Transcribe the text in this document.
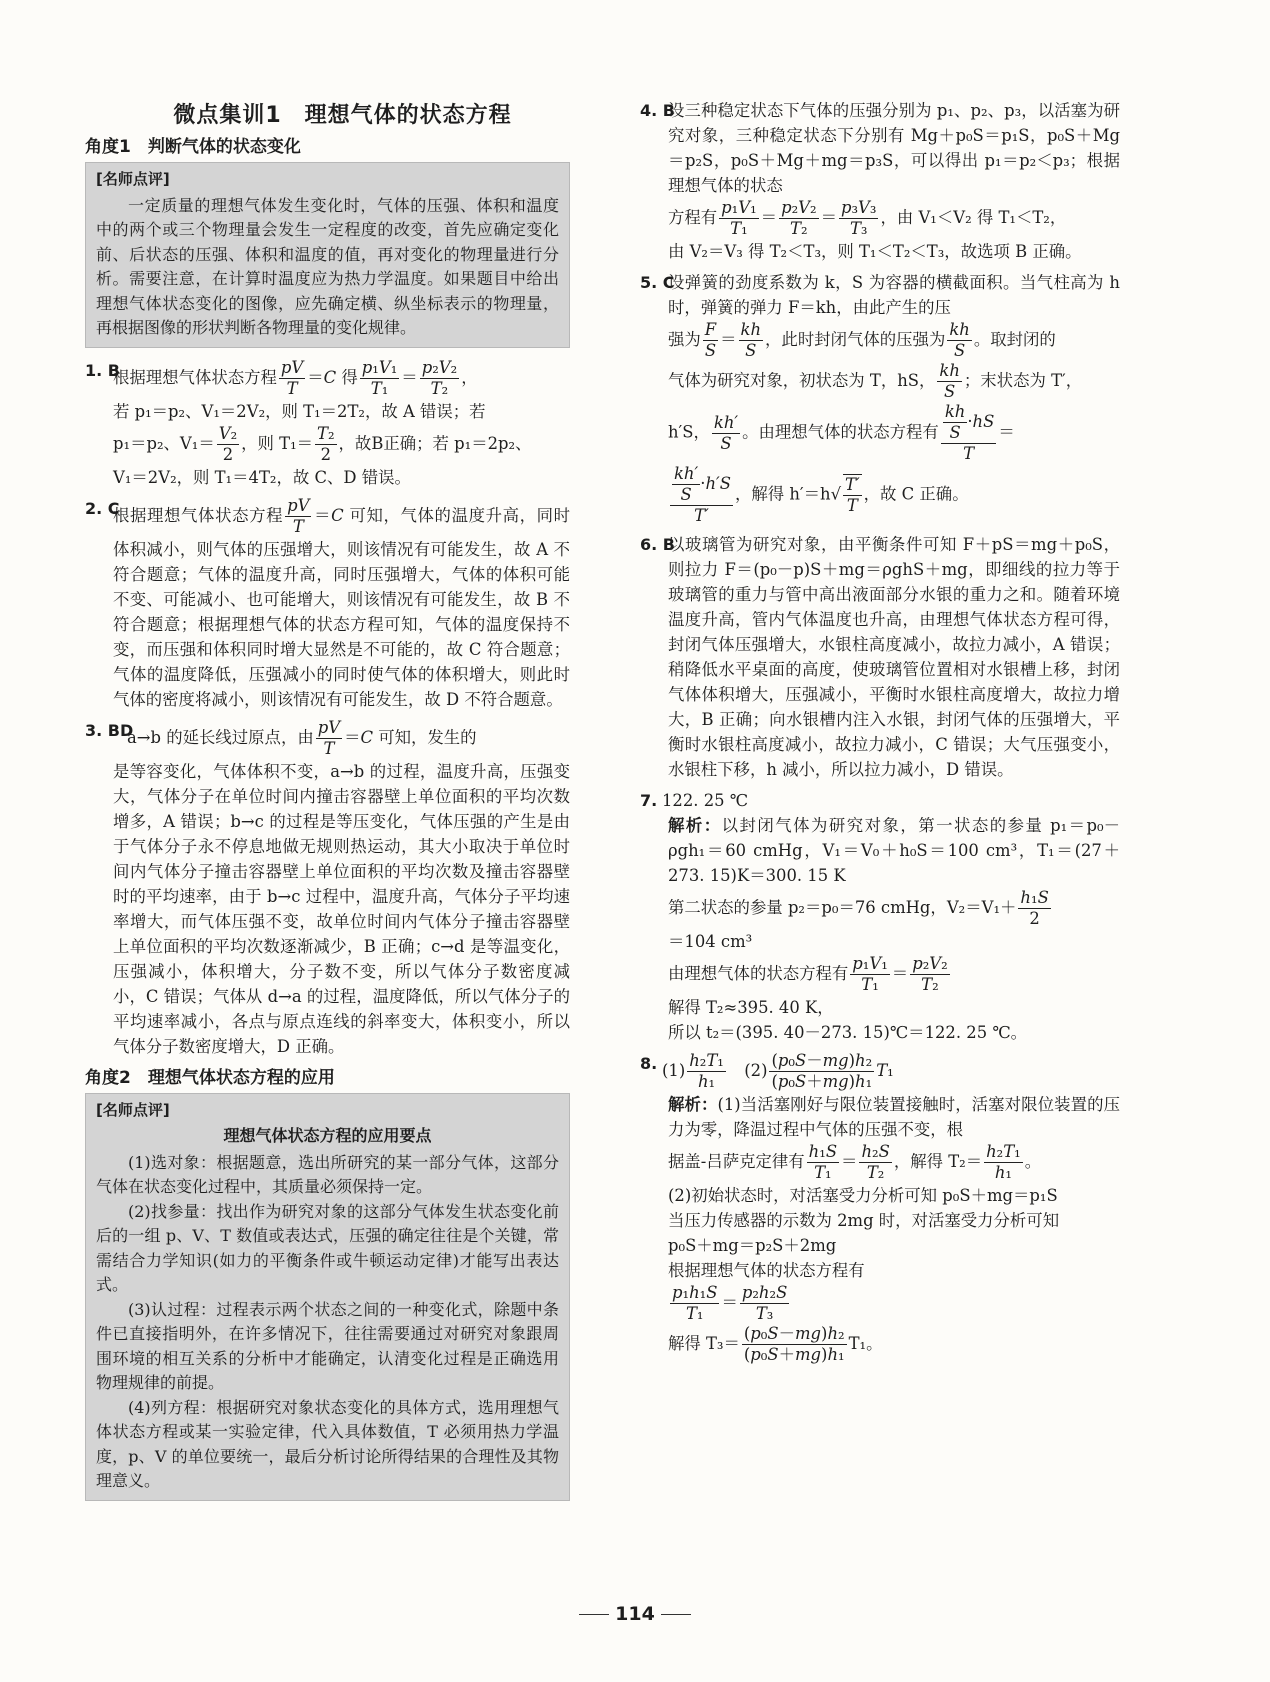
微点集训1　理想气体的状态方程
角度1　判断气体的状态变化
[名师点评]

一定质量的理想气体发生变化时，气体的压强、体积和温度中的两个或三个物理量会发生一定程度的改变，首先应确定变化前、后状态的压强、体积和温度的值，再对变化的物理量进行分析。需要注意，在计算时温度应为热力学温度。如果题目中给出理想气体状态变化的图像，应先确定横、纵坐标表示的物理量，再根据图像的形状判断各物理量的变化规律。

1. B

根据理想气体状态方程 $\frac{pV}{T} =C$ 得 $\frac{\text{p₁V₁}}{\text{T₁}} = \frac{\text{p₂V₂}}{\text{T₂}}$ ，

若 p₁＝p₂、V₁＝2V₂，则 T₁＝2T₂，故 A 错误；若

p₁＝p₂、$V_1= \frac{\text{V₂}}{2}$ ，则 $T_1= \frac{\text{T₂}}{2}$ ，故B正确；若 p₁＝2p₂、

V₁＝2V₂，则 T₁＝4T₂，故 C、D 错误。

2. C

根据理想气体状态方程 $\frac{pV}{T} =C$ 可知，气体的温度升高，同时体积减小，则气体的压强增大，则该情况有可能发生，故 A 不符合题意；气体的温度升高，同时压强增大，气体的体积可能不变、可能减小、也可能增大，则该情况有可能发生，故 B 不符合题意；根据理想气体的状态方程可知，气体的温度保持不变，而压强和体积同时增大显然是不可能的，故 C 符合题意；气体的温度降低，压强减小的同时使气体的体积增大，则此时气体的密度将减小，则该情况有可能发生，故 D 不符合题意。

3. BD

a→b 的延长线过原点，由 $\frac{pV}{T} =C$ 可知，发生的

是等容变化，气体体积不变，a→b 的过程，温度升高，压强变大，气体分子在单位时间内撞击容器壁上单位面积的平均次数增多，A 错误；b→c 的过程是等压变化，气体压强的产生是由于气体分子永不停息地做无规则热运动，其大小取决于单位时间内气体分子撞击容器壁上单位面积的平均次数及撞击容器壁时的平均速率，由于 b→c 过程中，温度升高，气体分子平均速率增大，而气体压强不变，故单位时间内气体分子撞击容器壁上单位面积的平均次数逐渐减少，B 正确；c→d 是等温变化，压强减小，体积增大，分子数不变，所以气体分子数密度减小，C 错误；气体从 d→a 的过程，温度降低，所以气体分子的平均速率减小，各点与原点连线的斜率变大，体积变小，所以气体分子数密度增大，D 正确。

角度2　理想气体状态方程的应用
[名师点评]
理想气体状态方程的应用要点

(1)选对象：根据题意，选出所研究的某一部分气体，这部分气体在状态变化过程中，其质量必须保持一定。

(2)找参量：找出作为研究对象的这部分气体发生状态变化前后的一组 p、V、T 数值或表达式，压强的确定往往是个关键，常需结合力学知识(如力的平衡条件或牛顿运动定律)才能写出表达式。

(3)认过程：过程表示两个状态之间的一种变化式，除题中条件已直接指明外，在许多情况下，往往需要通过对研究对象跟周围环境的相互关系的分析中才能确定，认清变化过程是正确选用物理规律的前提。

(4)列方程：根据研究对象状态变化的具体方式，选用理想气体状态方程或某一实验定律，代入具体数值，T 必须用热力学温度，p、V 的单位要统一，最后分析讨论所得结果的合理性及其物理意义。

4. B

设三种稳定状态下气体的压强分别为 p₁、p₂、p₃，以活塞为研究对象，三种稳定状态下分别有 Mg＋p₀S＝p₁S，p₀S＋Mg＝p₂S，p₀S＋Mg＋mg＝p₃S，可以得出 p₁＝p₂＜p₃；根据理想气体的状态

方程有 $\frac{\text{p₁V₁}}{\text{T₁}} = \frac{\text{p₂V₂}}{\text{T₂}} = \frac{\text{p₃V₃}}{\text{T₃}}$ ，由 V₁＜V₂ 得 T₁＜T₂，

由 V₂＝V₃ 得 T₂＜T₃，则 T₁＜T₂＜T₃，故选项 B 正确。

5. C

设弹簧的劲度系数为 k，S 为容器的横截面积。当气柱高为 h 时，弹簧的弹力 F＝kh，由此产生的压

强为 $\frac{F}{S} = \frac{kh}{S}$ ，此时封闭气体的压强为 $\frac{kh}{S}$ 。取封闭的

气体为研究对象，初状态为 T，hS， $\frac{kh}{S}$ ；末状态为 T′，

h′S， $\frac{kh'}{S}$ 。由理想气体的状态方程有 $\frac{\frac{kh}{S} \cdot hS}{T}$ ＝

$\frac{\frac{kh'}{S} \cdot h'S}{T'}$ ，解得 $h'=h√ \frac{T'}{T}$ ，故 C 正确。

6. B

以玻璃管为研究对象，由平衡条件可知 F＋pS＝mg＋p₀S，则拉力 F＝(p₀－p)S＋mg＝ρghS＋mg，即细线的拉力等于玻璃管的重力与管中高出液面部分水银的重力之和。随着环境温度升高，管内气体温度也升高，由理想气体状态方程可得，封闭气体压强增大，水银柱高度减小，故拉力减小，A 错误；稍降低水平桌面的高度，使玻璃管位置相对水银槽上移，封闭气体体积增大，压强减小，平衡时水银柱高度增大，故拉力增大，B 正确；向水银槽内注入水银，封闭气体的压强增大，平衡时水银柱高度减小，故拉力减小，C 错误；大气压强变小，水银柱下移，h 减小，所以拉力减小，D 错误。

7. 122. 25 ℃

解析：以封闭气体为研究对象，第一状态的参量 p₁＝p₀－ρgh₁＝60 cmHg，V₁＝V₀＋h₀S＝100 cm³，T₁＝(27＋273. 15)K＝300. 15 K

第二状态的参量 p₂＝p₀＝76 cmHg，$V_2=V_1+ \frac{\text{h₁S}}{2}$

＝104 cm³

由理想气体的状态方程有 $\frac{\text{p₁V₁}}{\text{T₁}} = \frac{\text{p₂V₂}}{\text{T₂}}$

解得 T₂≈395. 40 K，

所以 t₂＝(395. 40－273. 15)℃＝122. 25 ℃。

8. $(1) \frac{\text{h₂T₁}}{\text{h₁}}$
　 $(2) \frac{\text{(p₀S－mg)h₂}}{\text{(p₀S＋mg)h₁}} T_1$

解析：(1)当活塞刚好与限位装置接触时，活塞对限位装置的压力为零，降温过程中气体的压强不变，根

据盖-吕萨克定律有 $\frac{\text{h₁S}}{\text{T₁}} = \frac{\text{h₂S}}{\text{T₂}}$ ，解得 $T_2= \frac{\text{h₂T₁}}{\text{h₁}}$ 。

(2)初始状态时，对活塞受力分析可知 p₀S＋mg＝p₁S

当压力传感器的示数为 2mg 时，对活塞受力分析可知

p₀S＋mg＝p₂S＋2mg

根据理想气体的状态方程有

$\frac{\text{p₁h₁S}}{\text{T₁}} = \frac{\text{p₂h₂S}}{\text{T₃}}$

解得 $T_3= \frac{\text{(p₀S－mg)h₂}}{\text{(p₀S＋mg)h₁}} T_1$。

114
